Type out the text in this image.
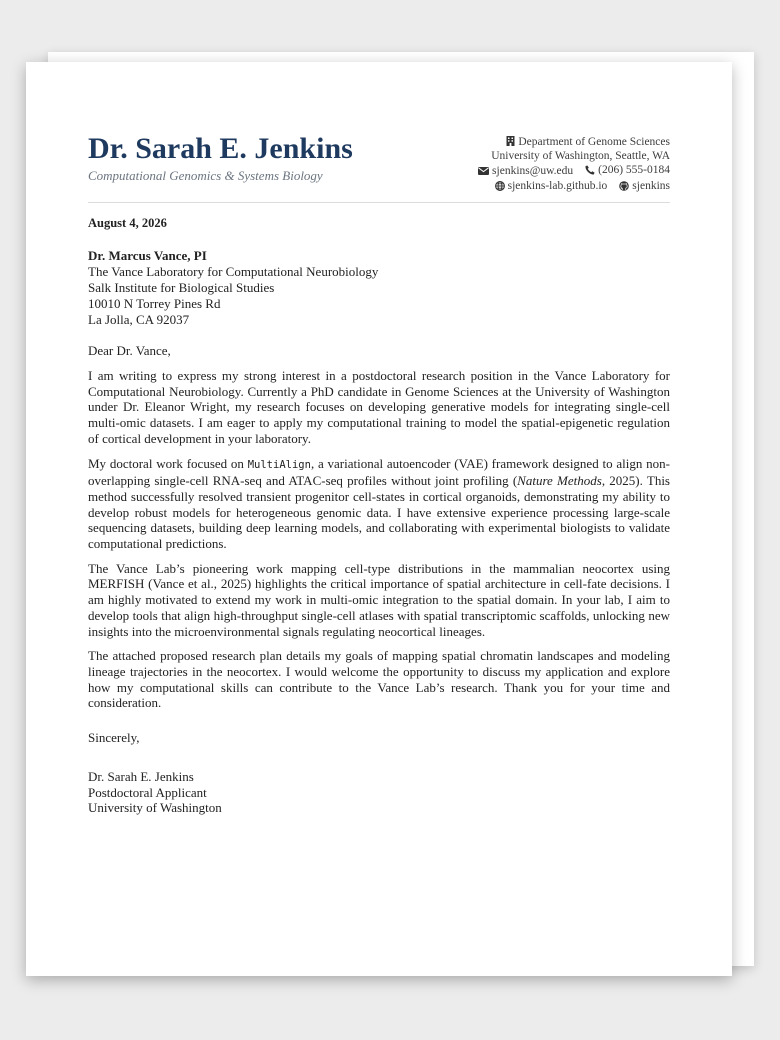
Dr. Sarah E. Jenkins
Computational Genomics & Systems Biology
Department of Genome Sciences
University of Washington, Seattle, WA
sjenkins@uw.edu (206) 555-0184
sjenkins-lab.github.io sjenkins
August 4, 2026
Dr. Marcus Vance, PI
The Vance Laboratory for Computational Neurobiology
Salk Institute for Biological Studies
10010 N Torrey Pines Rd
La Jolla, CA 92037
Dear Dr. Vance,
I am writing to express my strong interest in a postdoctoral research position in the Vance Laboratory for Computational Neurobiology. Currently a PhD candidate in Genome Sciences at the University of Washington under Dr. Eleanor Wright, my research focuses on developing generative models for integrating single-cell multi-omic datasets. I am eager to apply my computational training to model the spatial-epigenetic regulation of cortical development in your laboratory.
My doctoral work focused on MultiAlign, a variational autoencoder (VAE) framework designed to align non-overlapping single-cell RNA-seq and ATAC-seq profiles without joint profiling (Nature Methods, 2025). This method successfully resolved transient progenitor cell-states in cortical organoids, demonstrating my ability to develop robust models for heterogeneous genomic data. I have extensive experience processing large-scale sequencing datasets, building deep learning models, and collaborating with experimental biologists to validate computational predictions.
The Vance Lab’s pioneering work mapping cell-type distributions in the mammalian neocortex using MERFISH (Vance et al., 2025) highlights the critical importance of spatial architecture in cell-fate decisions. I am highly motivated to extend my work in multi-omic integration to the spatial domain. In your lab, I aim to develop tools that align high-throughput single-cell atlases with spatial transcriptomic scaffolds, unlocking new insights into the microenvironmental signals regulating neocortical lineages.
The attached proposed research plan details my goals of mapping spatial chromatin landscapes and modeling lineage trajectories in the neocortex. I would welcome the opportunity to discuss my application and explore how my computational skills can contribute to the Vance Lab’s research. Thank you for your time and consideration.
Sincerely,
Dr. Sarah E. Jenkins
Postdoctoral Applicant
University of Washington
